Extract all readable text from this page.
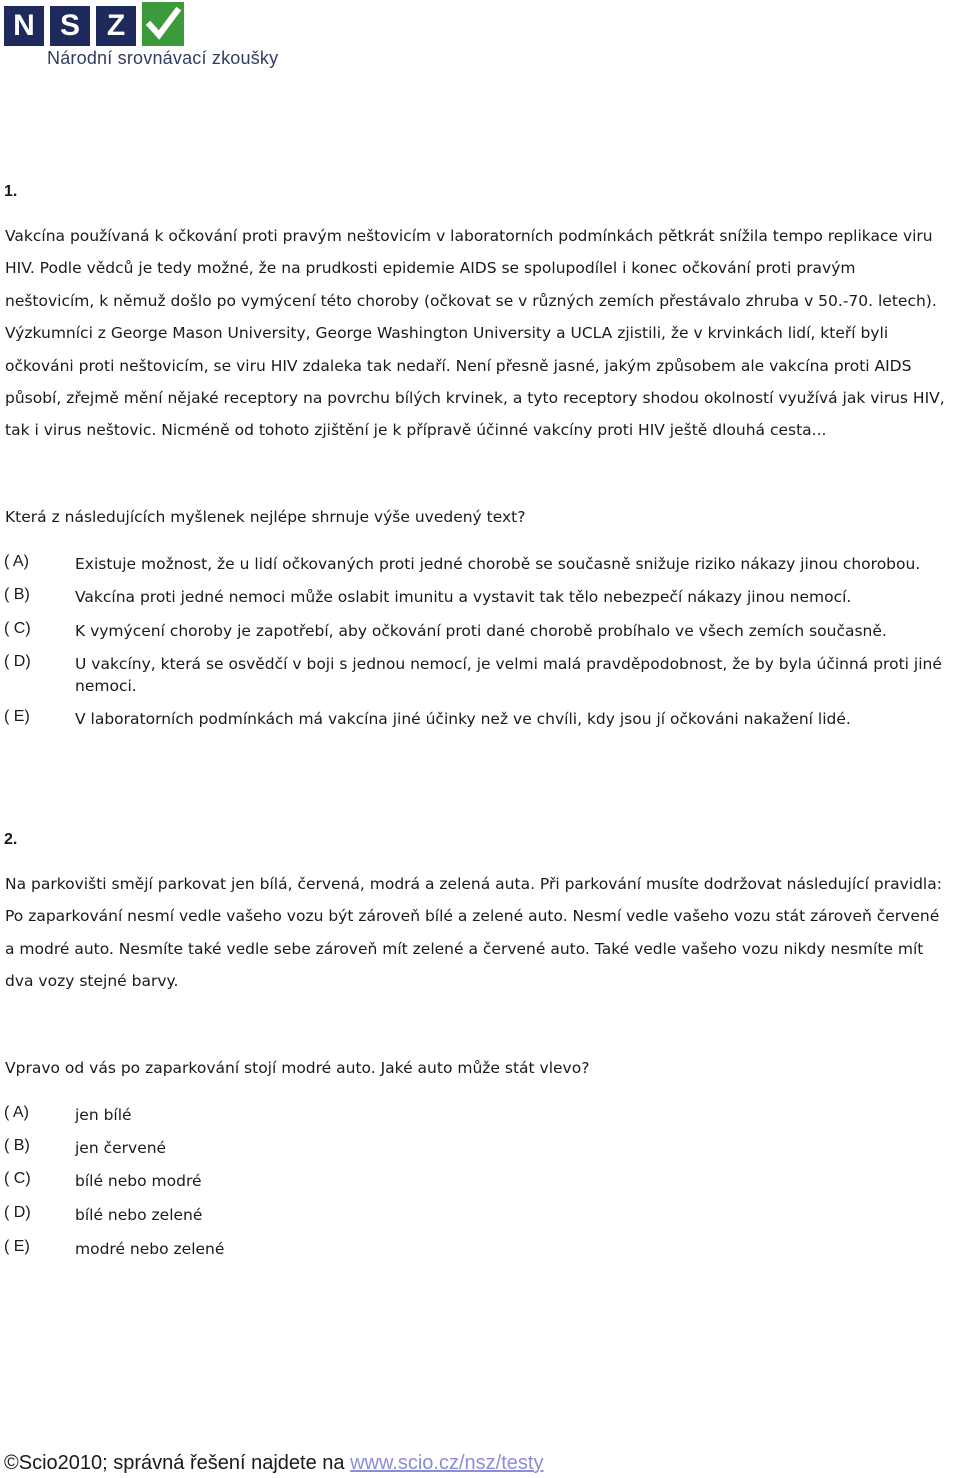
N S Z
Národní srovnávací zkoušky
1.
Vakcína používaná k očkování proti pravým neštovicím v laboratorních podmínkách pětkrát snížila tempo replikace viru
HIV. Podle vědců je tedy možné, že na prudkosti epidemie AIDS se spolupodílel i konec očkování proti pravým
neštovicím, k němuž došlo po vymýcení této choroby (očkovat se v různých zemích přestávalo zhruba v 50.-70. letech).
Výzkumníci z George Mason University, George Washington University a UCLA zjistili, že v krvinkách lidí, kteří byli
očkováni proti neštovicím, se viru HIV zdaleka tak nedaří. Není přesně jasné, jakým způsobem ale vakcína proti AIDS
působí, zřejmě mění nějaké receptory na povrchu bílých krvinek, a tyto receptory shodou okolností využívá jak virus HIV,
tak i virus neštovic. Nicméně od tohoto zjištění je k přípravě účinné vakcíny proti HIV ještě dlouhá cesta...
Která z následujících myšlenek nejlépe shrnuje výše uvedený text?
( A)	Existuje možnost, že u lidí očkovaných proti jedné chorobě se současně snižuje riziko nákazy jinou chorobou.
( B)	Vakcína proti jedné nemoci může oslabit imunitu a vystavit tak tělo nebezpečí nákazy jinou nemocí.
( C)	K vymýcení choroby je zapotřebí, aby očkování proti dané chorobě probíhalo ve všech zemích současně.
( D)	U vakcíny, která se osvědčí v boji s jednou nemocí, je velmi malá pravděpodobnost, že by byla účinná proti jiné nemoci.
( E)	V laboratorních podmínkách má vakcína jiné účinky než ve chvíli, kdy jsou jí očkováni nakažení lidé.
2.
Na parkovišti smějí parkovat jen bílá, červená, modrá a zelená auta. Při parkování musíte dodržovat následující pravidla:
Po zaparkování nesmí vedle vašeho vozu být zároveň bílé a zelené auto. Nesmí vedle vašeho vozu stát zároveň červené
a modré auto. Nesmíte také vedle sebe zároveň mít zelené a červené auto. Také vedle vašeho vozu nikdy nesmíte mít
dva vozy stejné barvy.
Vpravo od vás po zaparkování stojí modré auto. Jaké auto může stát vlevo?
( A)	jen bílé
( B)	jen červené
( C)	bílé nebo modré
( D)	bílé nebo zelené
( E)	modré nebo zelené
©Scio2010; správná řešení najdete na www.scio.cz/nsz/testy
